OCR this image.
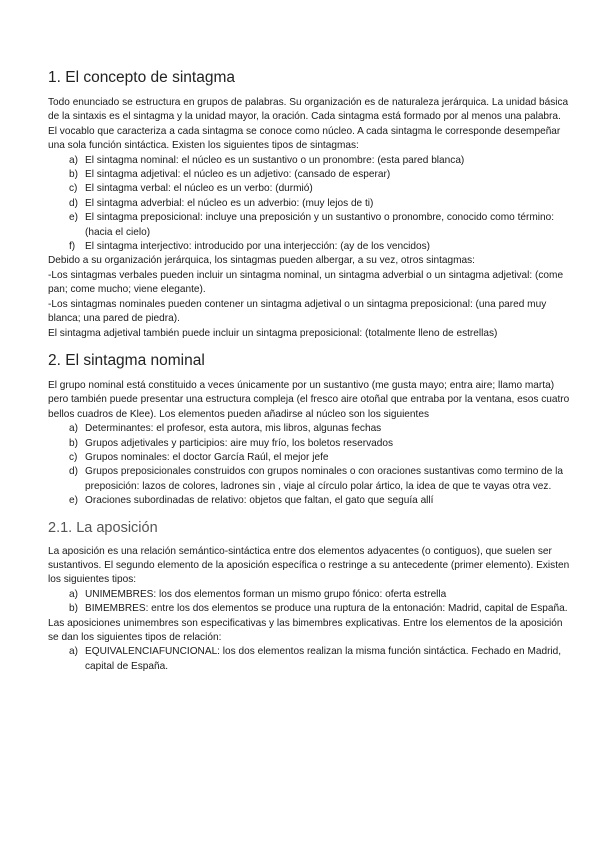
1. El concepto de sintagma

Todo enunciado se estructura en grupos de palabras. Su organización es de naturaleza jerárquica. La unidad básica de la sintaxis es el sintagma y la unidad mayor, la oración. Cada sintagma está formado por al menos una palabra. El vocablo que caracteriza a cada sintagma se conoce como núcleo. A cada sintagma le corresponde desempeñar una sola función sintáctica. Existen los siguientes tipos de sintagmas:

a) El sintagma nominal: el núcleo es un sustantivo o un pronombre: (esta pared blanca)
b) El sintagma adjetival: el núcleo es un adjetivo: (cansado de esperar)
c) El sintagma verbal: el núcleo es un verbo: (durmió)
d) El sintagma adverbial: el núcleo es un adverbio: (muy lejos de ti)
e) El sintagma preposicional: incluye una preposición y un sustantivo o pronombre, conocido como término: (hacia el cielo)
f) El sintagma interjectivo: introducido por una interjección: (ay de los vencidos)

Debido a su organización jerárquica, los sintagmas pueden albergar, a su vez, otros sintagmas:

-Los sintagmas verbales pueden incluir un sintagma nominal, un sintagma adverbial o un sintagma adjetival: (come pan; come mucho; viene elegante).

-Los sintagmas nominales pueden contener un sintagma adjetival o un sintagma preposicional: (una pared muy blanca; una pared de piedra).

El sintagma adjetival también puede incluir un sintagma preposicional: (totalmente lleno de estrellas)

2. El sintagma nominal

El grupo nominal está constituido a veces únicamente por un sustantivo (me gusta mayo; entra aire; llamo marta) pero también puede presentar una estructura compleja (el fresco aire otoñal que entraba por la ventana, esos cuatro bellos cuadros de Klee). Los elementos pueden añadirse al núcleo son los siguientes

a) Determinantes: el profesor, esta autora, mis libros, algunas fechas
b) Grupos adjetivales y participios: aire muy frío, los boletos reservados
c) Grupos nominales: el doctor García Raúl, el mejor jefe
d) Grupos preposicionales construidos con grupos nominales o con oraciones sustantivas como termino de la preposición: lazos de colores, ladrones sin , viaje al círculo polar ártico, la idea de que te vayas otra vez.
e) Oraciones subordinadas de relativo: objetos que faltan, el gato que seguía allí
2.1. La aposición

La aposición es una relación semántico-sintáctica entre dos elementos adyacentes (o contiguos), que suelen ser sustantivos. El segundo elemento de la aposición específica o restringe a su antecedente (primer elemento). Existen los siguientes tipos:

a) UNIMEMBRES: los dos elementos forman un mismo grupo fónico: oferta estrella
b) BIMEMBRES: entre los dos elementos se produce una ruptura de la entonación: Madrid, capital de España.

Las aposiciones unimembres son especificativas y las bimembres explicativas. Entre los elementos de la aposición se dan los siguientes tipos de relación:

a) EQUIVALENCIAFUNCIONAL: los dos elementos realizan la misma función sintáctica. Fechado en Madrid, capital de España.
